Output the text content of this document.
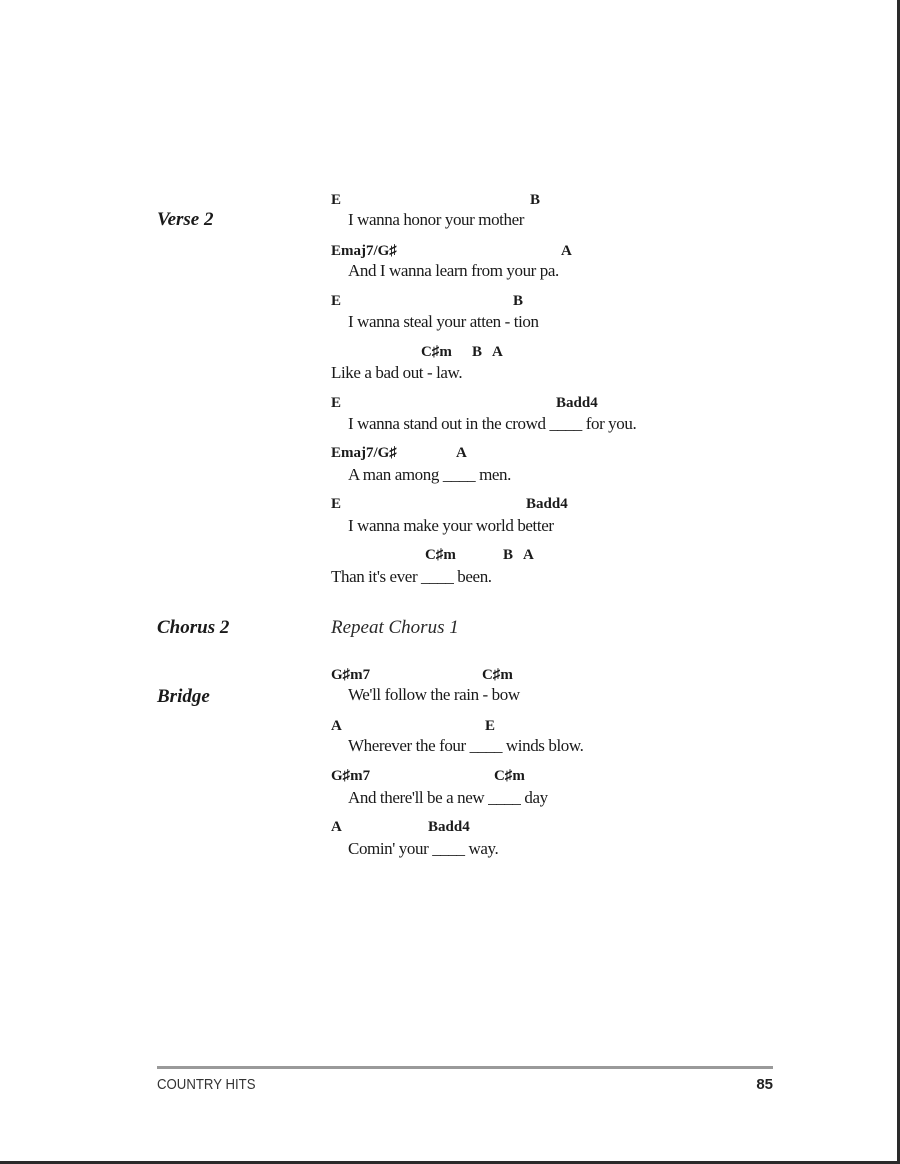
Verse 2
Chorus 2	Repeat Chorus 1
Bridge
E	B
I wanna honor your mother
Emaj7/G♯	A
And I wanna learn from your pa.
E	B
I wanna steal your atten - tion
C♯m B A
Like a bad out - law.
E	Badd4
I wanna stand out in the crowd ____ for you.
Emaj7/G♯	A
A man among ____ men.
E	Badd4
I wanna make your world better
C♯m	B A
Than it's ever ____ been.
G♯m7	C♯m
We'll follow the rain - bow
A	E
Wherever the four ____ winds blow.
G♯m7	C♯m
And there'll be a new ____ day
A	Badd4
Comin' your ____ way.
COUNTRY HITS	85
